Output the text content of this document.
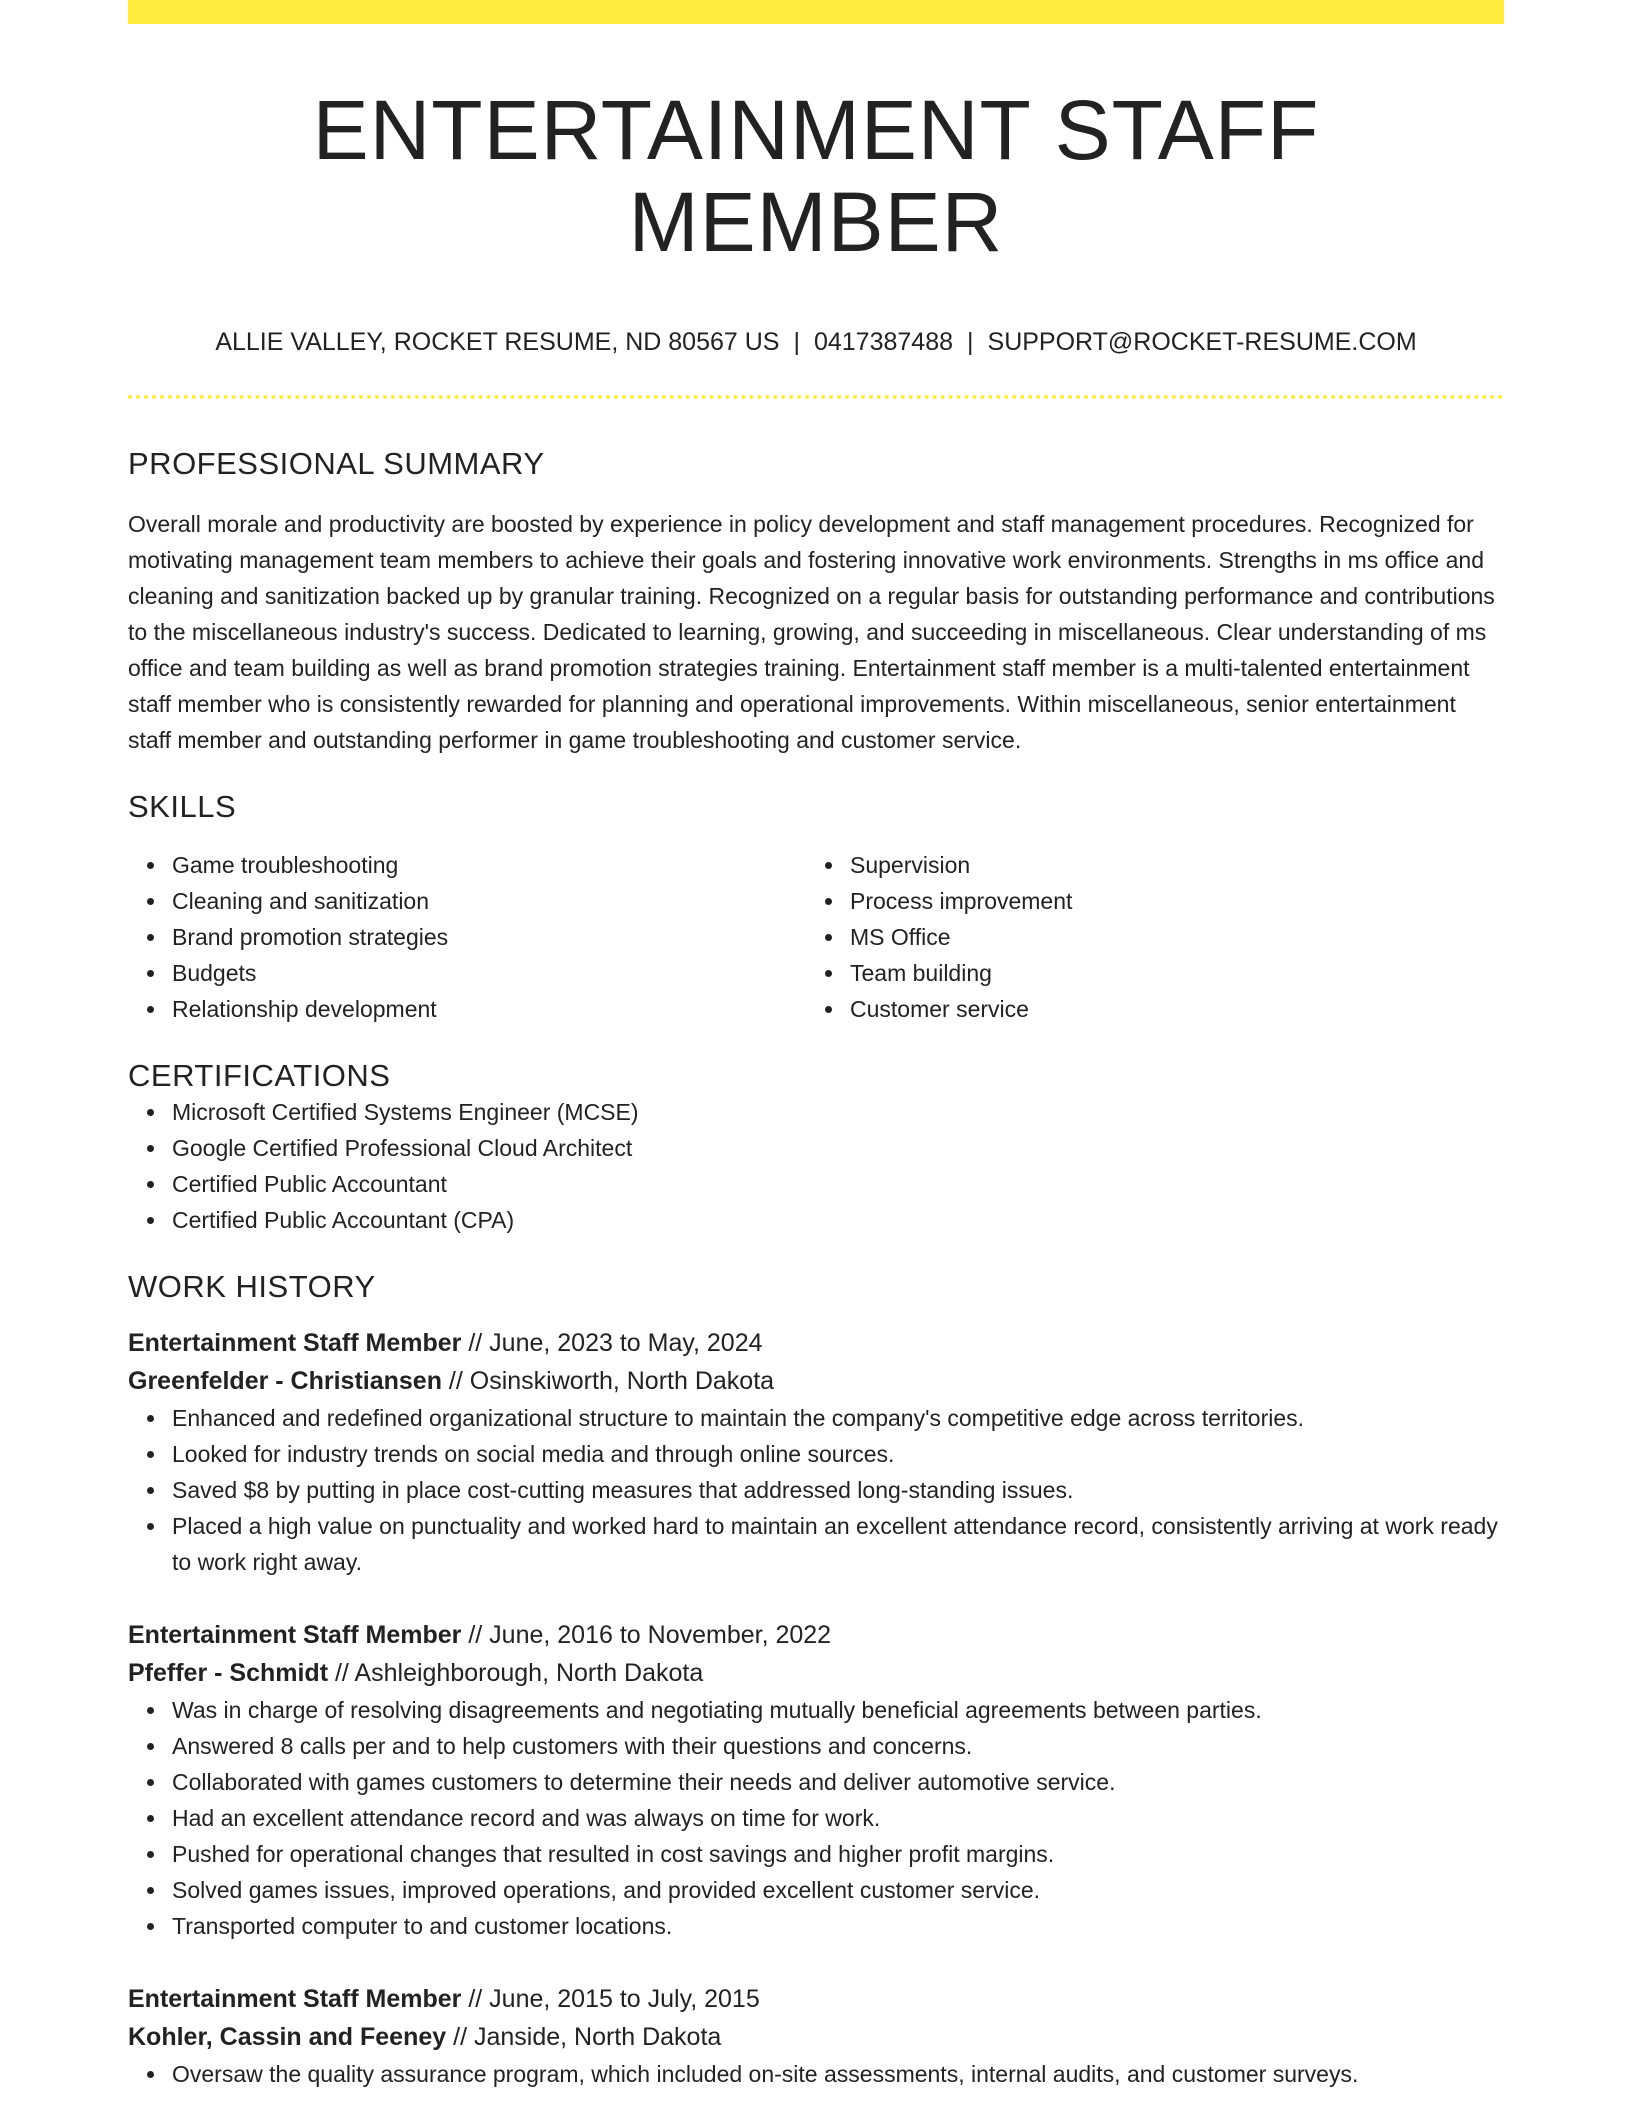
ENTERTAINMENT STAFF MEMBER
ALLIE VALLEY, ROCKET RESUME, ND 80567 US | 0417387488 | SUPPORT@ROCKET-RESUME.COM
PROFESSIONAL SUMMARY

Overall morale and productivity are boosted by experience in policy development and staff management procedures. Recognized for motivating management team members to achieve their goals and fostering innovative work environments. Strengths in ms office and cleaning and sanitization backed up by granular training. Recognized on a regular basis for outstanding performance and contributions to the miscellaneous industry's success. Dedicated to learning, growing, and succeeding in miscellaneous. Clear understanding of ms office and team building as well as brand promotion strategies training. Entertainment staff member is a multi-talented entertainment staff member who is consistently rewarded for planning and operational improvements. Within miscellaneous, senior entertainment staff member and outstanding performer in game troubleshooting and customer service.

SKILLS
Game troubleshooting
Cleaning and sanitization
Brand promotion strategies
Budgets
Relationship development
Supervision
Process improvement
MS Office
Team building
Customer service
CERTIFICATIONS
Microsoft Certified Systems Engineer (MCSE)
Google Certified Professional Cloud Architect
Certified Public Accountant
Certified Public Accountant (CPA)
WORK HISTORY
Entertainment Staff Member // June, 2023 to May, 2024
Greenfelder - Christiansen // Osinskiworth, North Dakota
Enhanced and redefined organizational structure to maintain the company's competitive edge across territories.
Looked for industry trends on social media and through online sources.
Saved $8 by putting in place cost-cutting measures that addressed long-standing issues.
Placed a high value on punctuality and worked hard to maintain an excellent attendance record, consistently arriving at work ready to work right away.
Entertainment Staff Member // June, 2016 to November, 2022
Pfeffer - Schmidt // Ashleighborough, North Dakota
Was in charge of resolving disagreements and negotiating mutually beneficial agreements between parties.
Answered 8 calls per and to help customers with their questions and concerns.
Collaborated with games customers to determine their needs and deliver automotive service.
Had an excellent attendance record and was always on time for work.
Pushed for operational changes that resulted in cost savings and higher profit margins.
Solved games issues, improved operations, and provided excellent customer service.
Transported computer to and customer locations.
Entertainment Staff Member // June, 2015 to July, 2015
Kohler, Cassin and Feeney // Janside, North Dakota
Oversaw the quality assurance program, which included on-site assessments, internal audits, and customer surveys.
